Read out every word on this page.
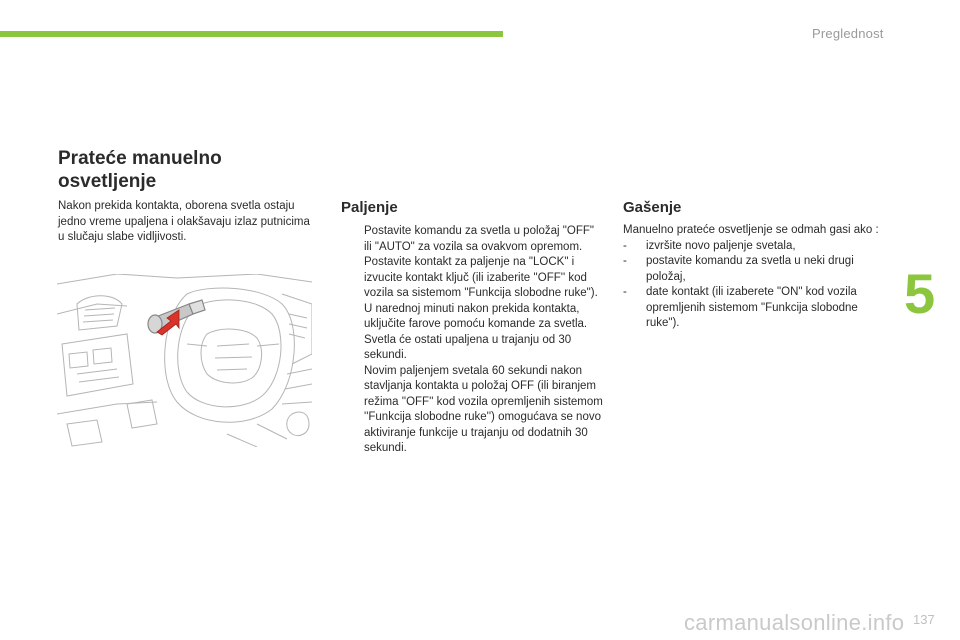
Preglednost
5
Prateće manuelno osvetljenje
Nakon prekida kontakta, oborena svetla ostaju jedno vreme upaljena i olakšavaju izlaz putnicima u slučaju slabe vidljivosti.
Paljenje
Postavite komandu za svetla u položaj "OFF" ili "AUTO" za vozila sa ovakvom opremom.
Postavite kontakt za paljenje na "LOCK" i izvucite kontakt ključ (ili izaberite ''OFF'' kod vozila sa sistemom "Funkcija slobodne ruke").
U narednoj minuti nakon prekida kontakta, uključite farove pomoću komande za svetla.
Svetla će ostati upaljena u trajanju od 30 sekundi.
Novim paljenjem svetala 60 sekundi nakon stavljanja kontakta u položaj OFF (ili biranjem režima ''OFF'' kod vozila opremljenih sistemom ''Funkcija slobodne ruke'') omogućava se novo aktiviranje funkcije u trajanju od dodatnih 30 sekundi.
Gašenje
Manuelno prateće osvetljenje se odmah gasi ako :
- izvršite novo paljenje svetala,
- postavite komandu za svetla u neki drugi položaj,
- date kontakt (ili izaberete "ON" kod vozila opremljenih sistemom "Funkcija slobodne ruke").
carmanualsonline.info 137
